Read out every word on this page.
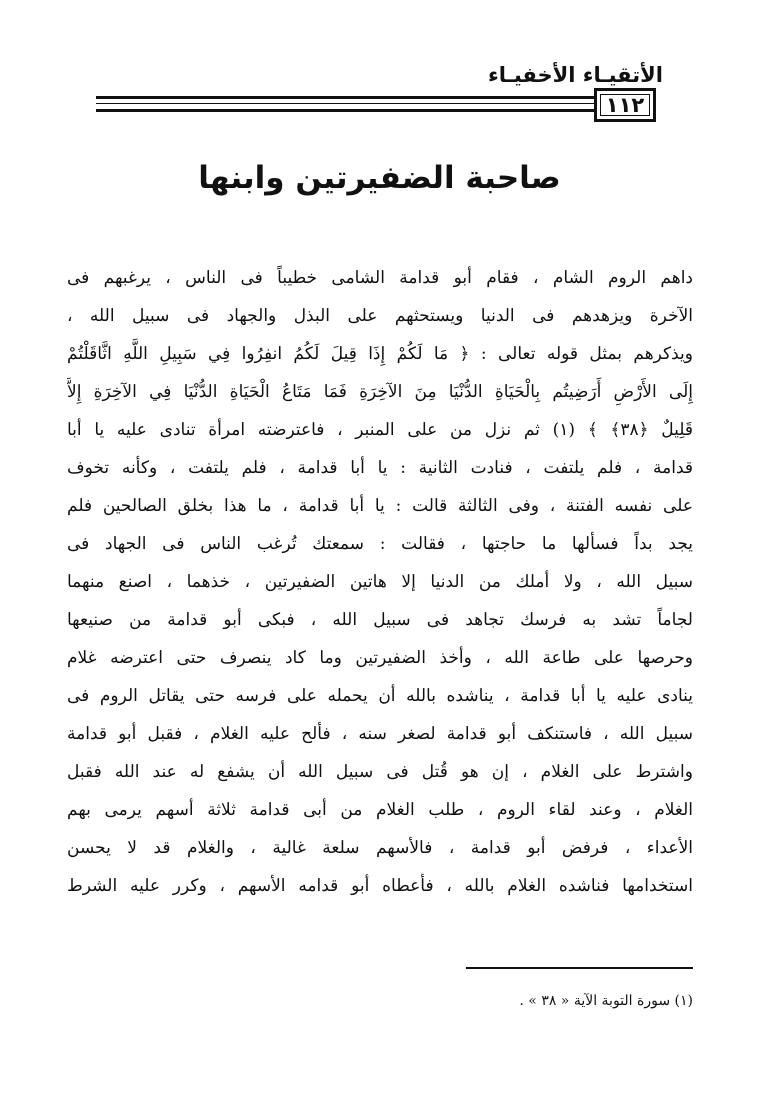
الأتقيـاء الأخفيـاء
١١٢
صاحبة الضفيرتين وابنها
داهم الروم الشام ، فقام أبو قدامة الشامى خطيباً فى الناس ، يرغبهم فى
الآخرة ويزهدهم فى الدنيا ويستحثهم على البذل والجهاد فى سبيل الله ،
ويذكرهم بمثل قوله تعالى : ﴿ مَا لَكُمْ إِذَا قِيلَ لَكُمُ انفِرُوا فِي سَبِيلِ اللَّهِ اثَّاقَلْتُمْ
إِلَى الأَرْضِ أَرَضِيتُم بِالْحَيَاةِ الدُّنْيَا مِنَ الآخِرَةِ فَمَا مَتَاعُ الْحَيَاةِ الدُّنْيَا فِي الآخِرَةِ إِلاَّ
قَلِيلٌ ﴿٣٨﴾ ﴾ (١) ثم نزل من على المنبر ، فاعترضته امرأة تنادى عليه يا أبا
قدامة ، فلم يلتفت ، فنادت الثانية : يا أبا قدامة ، فلم يلتفت ، وكأنه تخوف
على نفسه الفتنة ، وفى الثالثة قالت : يا أبا قدامة ، ما هذا بخلق الصالحين فلم
يجد بداً فسألها ما حاجتها ، فقالت : سمعتك تُرغب الناس فى الجهاد فى
سبيل الله ، ولا أملك من الدنيا إلا هاتين الضفيرتين ، خذهما ، اصنع منهما
لجاماً تشد به فرسك تجاهد فى سبيل الله ، فبكى أبو قدامة من صنيعها
وحرصها على طاعة الله ، وأخذ الضفيرتين وما كاد ينصرف حتى اعترضه غلام
ينادى عليه يا أبا قدامة ، يناشده بالله أن يحمله على فرسه حتى يقاتل الروم فى
سبيل الله ، فاستنكف أبو قدامة لصغر سنه ، فألح عليه الغلام ، فقبل أبو قدامة
واشترط على الغلام ، إن هو قُتل فى سبيل الله أن يشفع له عند الله فقبل
الغلام ، وعند لقاء الروم ، طلب الغلام من أبى قدامة ثلاثة أسهم يرمى بهم
الأعداء ، فرفض أبو قدامة ، فالأسهم سلعة غالية ، والغلام قد لا يحسن
استخدامها فناشده الغلام بالله ، فأعطاه أبو قدامه الأسهم ، وكرر عليه الشرط
(١) سورة التوبة الآية « ٣٨ » .
